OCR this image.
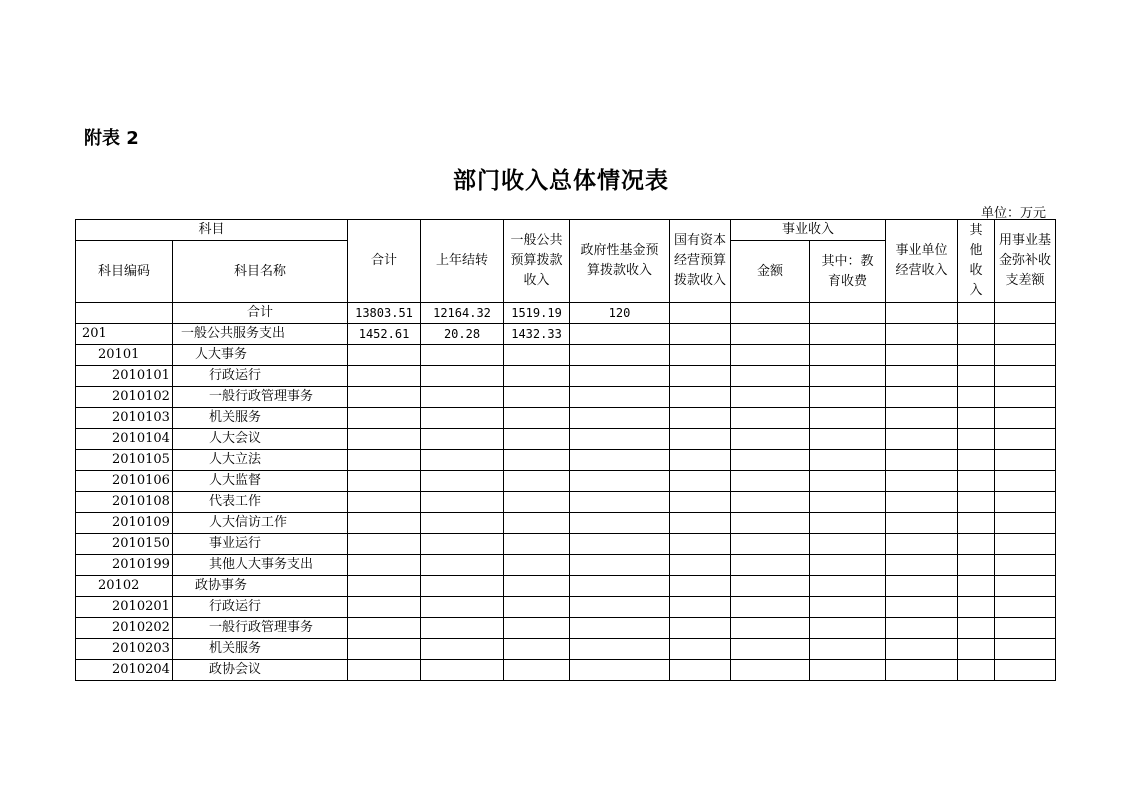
附表 2
部门收入总体情况表
单位：万元
科目		合计	上年结转	一般公共预算拨款收入	政府性基金预算拨款收入	国有资本经营预算拨款收入	事业收入		事业单位经营收入	其他收入	用事业基金弥补收支差额
科目编码	科目名称						金额	其中：教育收费			
	合计	13803.51	12164.32	1519.19	120						
201	一般公共服务支出	1452.61	20.28	1432.33							
20101	人大事务										
2010101	行政运行										
2010102	一般行政管理事务										
2010103	机关服务										
2010104	人大会议										
2010105	人大立法										
2010106	人大监督										
2010108	代表工作										
2010109	人大信访工作										
2010150	事业运行										
2010199	其他人大事务支出										
20102	政协事务										
2010201	行政运行										
2010202	一般行政管理事务										
2010203	机关服务										
2010204	政协会议										
